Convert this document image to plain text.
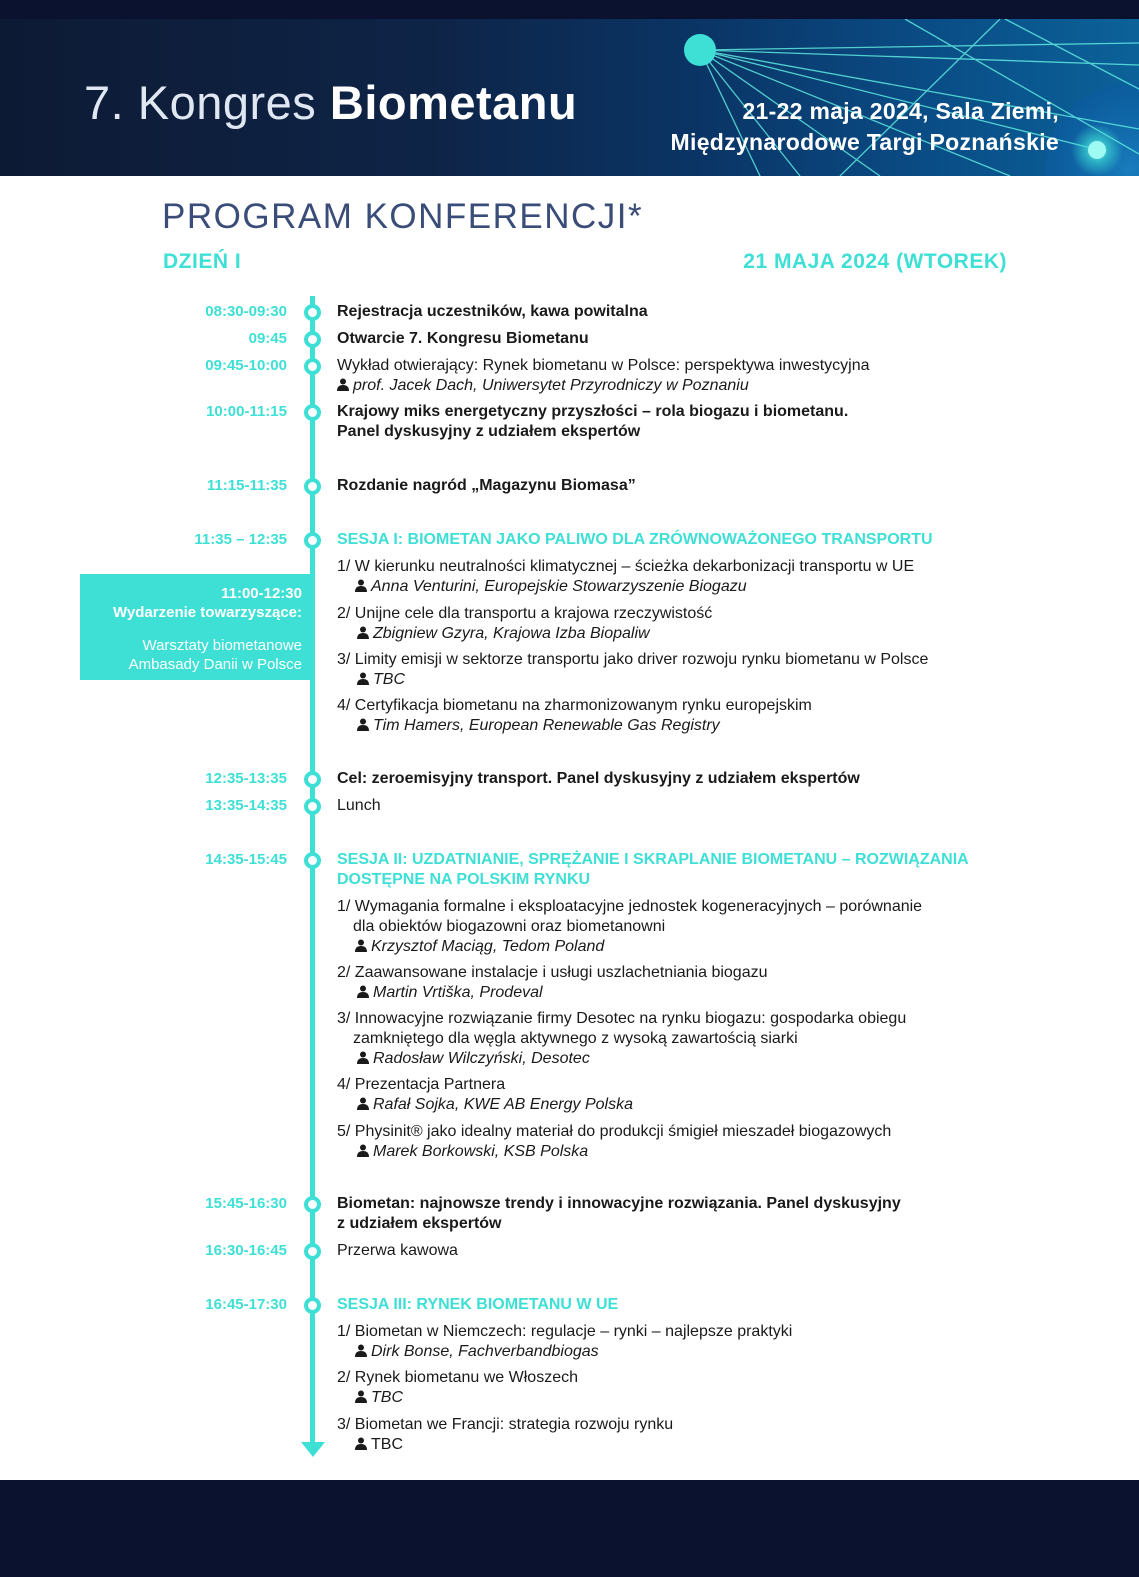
7. Kongres Biometanu	21-22 maja 2024, Sala Ziemi,
Międzynarodowe Targi Poznańskie
PROGRAM KONFERENCJI*
DZIEŃ I	21 MAJA 2024 (WTOREK)
11:00-12:30
Wydarzenie towarzyszące:
Warsztaty biometanowe
Ambasady Danii w Polsce
08:30-09:30	Rejestracja uczestników, kawa powitalna
09:45	Otwarcie 7. Kongresu Biometanu
09:45-10:00	Wykład otwierający: Rynek biometanu w Polsce: perspektywa inwestycyjna
prof. Jacek Dach, Uniwersytet Przyrodniczy w Poznaniu
10:00-11:15	Krajowy miks energetyczny przyszłości – rola biogazu i biometanu.
Panel dyskusyjny z udziałem ekspertów
11:15-11:35	Rozdanie nagród „Magazynu Biomasa”
11:35 – 12:35	SESJA I: BIOMETAN JAKO PALIWO DLA ZRÓWNOWAŻONEGO TRANSPORTU
1/ W kierunku neutralności klimatycznej – ścieżka dekarbonizacji transportu w UE
Anna Venturini, Europejskie Stowarzyszenie Biogazu
2/ Unijne cele dla transportu a krajowa rzeczywistość
Zbigniew Gzyra, Krajowa Izba Biopaliw
3/ Limity emisji w sektorze transportu jako driver rozwoju rynku biometanu w Polsce
TBC
4/ Certyfikacja biometanu na zharmonizowanym rynku europejskim
Tim Hamers, European Renewable Gas Registry
12:35-13:35	Cel: zeroemisyjny transport. Panel dyskusyjny z udziałem ekspertów
13:35-14:35	Lunch
14:35-15:45	SESJA II: UZDATNIANIE, SPRĘŻANIE I SKRAPLANIE BIOMETANU – ROZWIĄZANIA
DOSTĘPNE NA POLSKIM RYNKU
1/ Wymagania formalne i eksploatacyjne jednostek kogeneracyjnych – porównanie
dla obiektów biogazowni oraz biometanowni
Krzysztof Maciąg, Tedom Poland
2/ Zaawansowane instalacje i usługi uszlachetniania biogazu
Martin Vrtiška, Prodeval
3/ Innowacyjne rozwiązanie firmy Desotec na rynku biogazu: gospodarka obiegu
zamkniętego dla węgla aktywnego z wysoką zawartością siarki
Radosław Wilczyński, Desotec
4/ Prezentacja Partnera
Rafał Sojka, KWE AB Energy Polska
5/ Physinit® jako idealny materiał do produkcji śmigieł mieszadeł biogazowych
Marek Borkowski, KSB Polska
15:45-16:30	Biometan: najnowsze trendy i innowacyjne rozwiązania. Panel dyskusyjny
z udziałem ekspertów
16:30-16:45	Przerwa kawowa
16:45-17:30	SESJA III: RYNEK BIOMETANU W UE
1/ Biometan w Niemczech: regulacje – rynki – najlepsze praktyki
Dirk Bonse, Fachverbandbiogas
2/ Rynek biometanu we Włoszech
TBC
3/ Biometan we Francji: strategia rozwoju rynku
TBC
